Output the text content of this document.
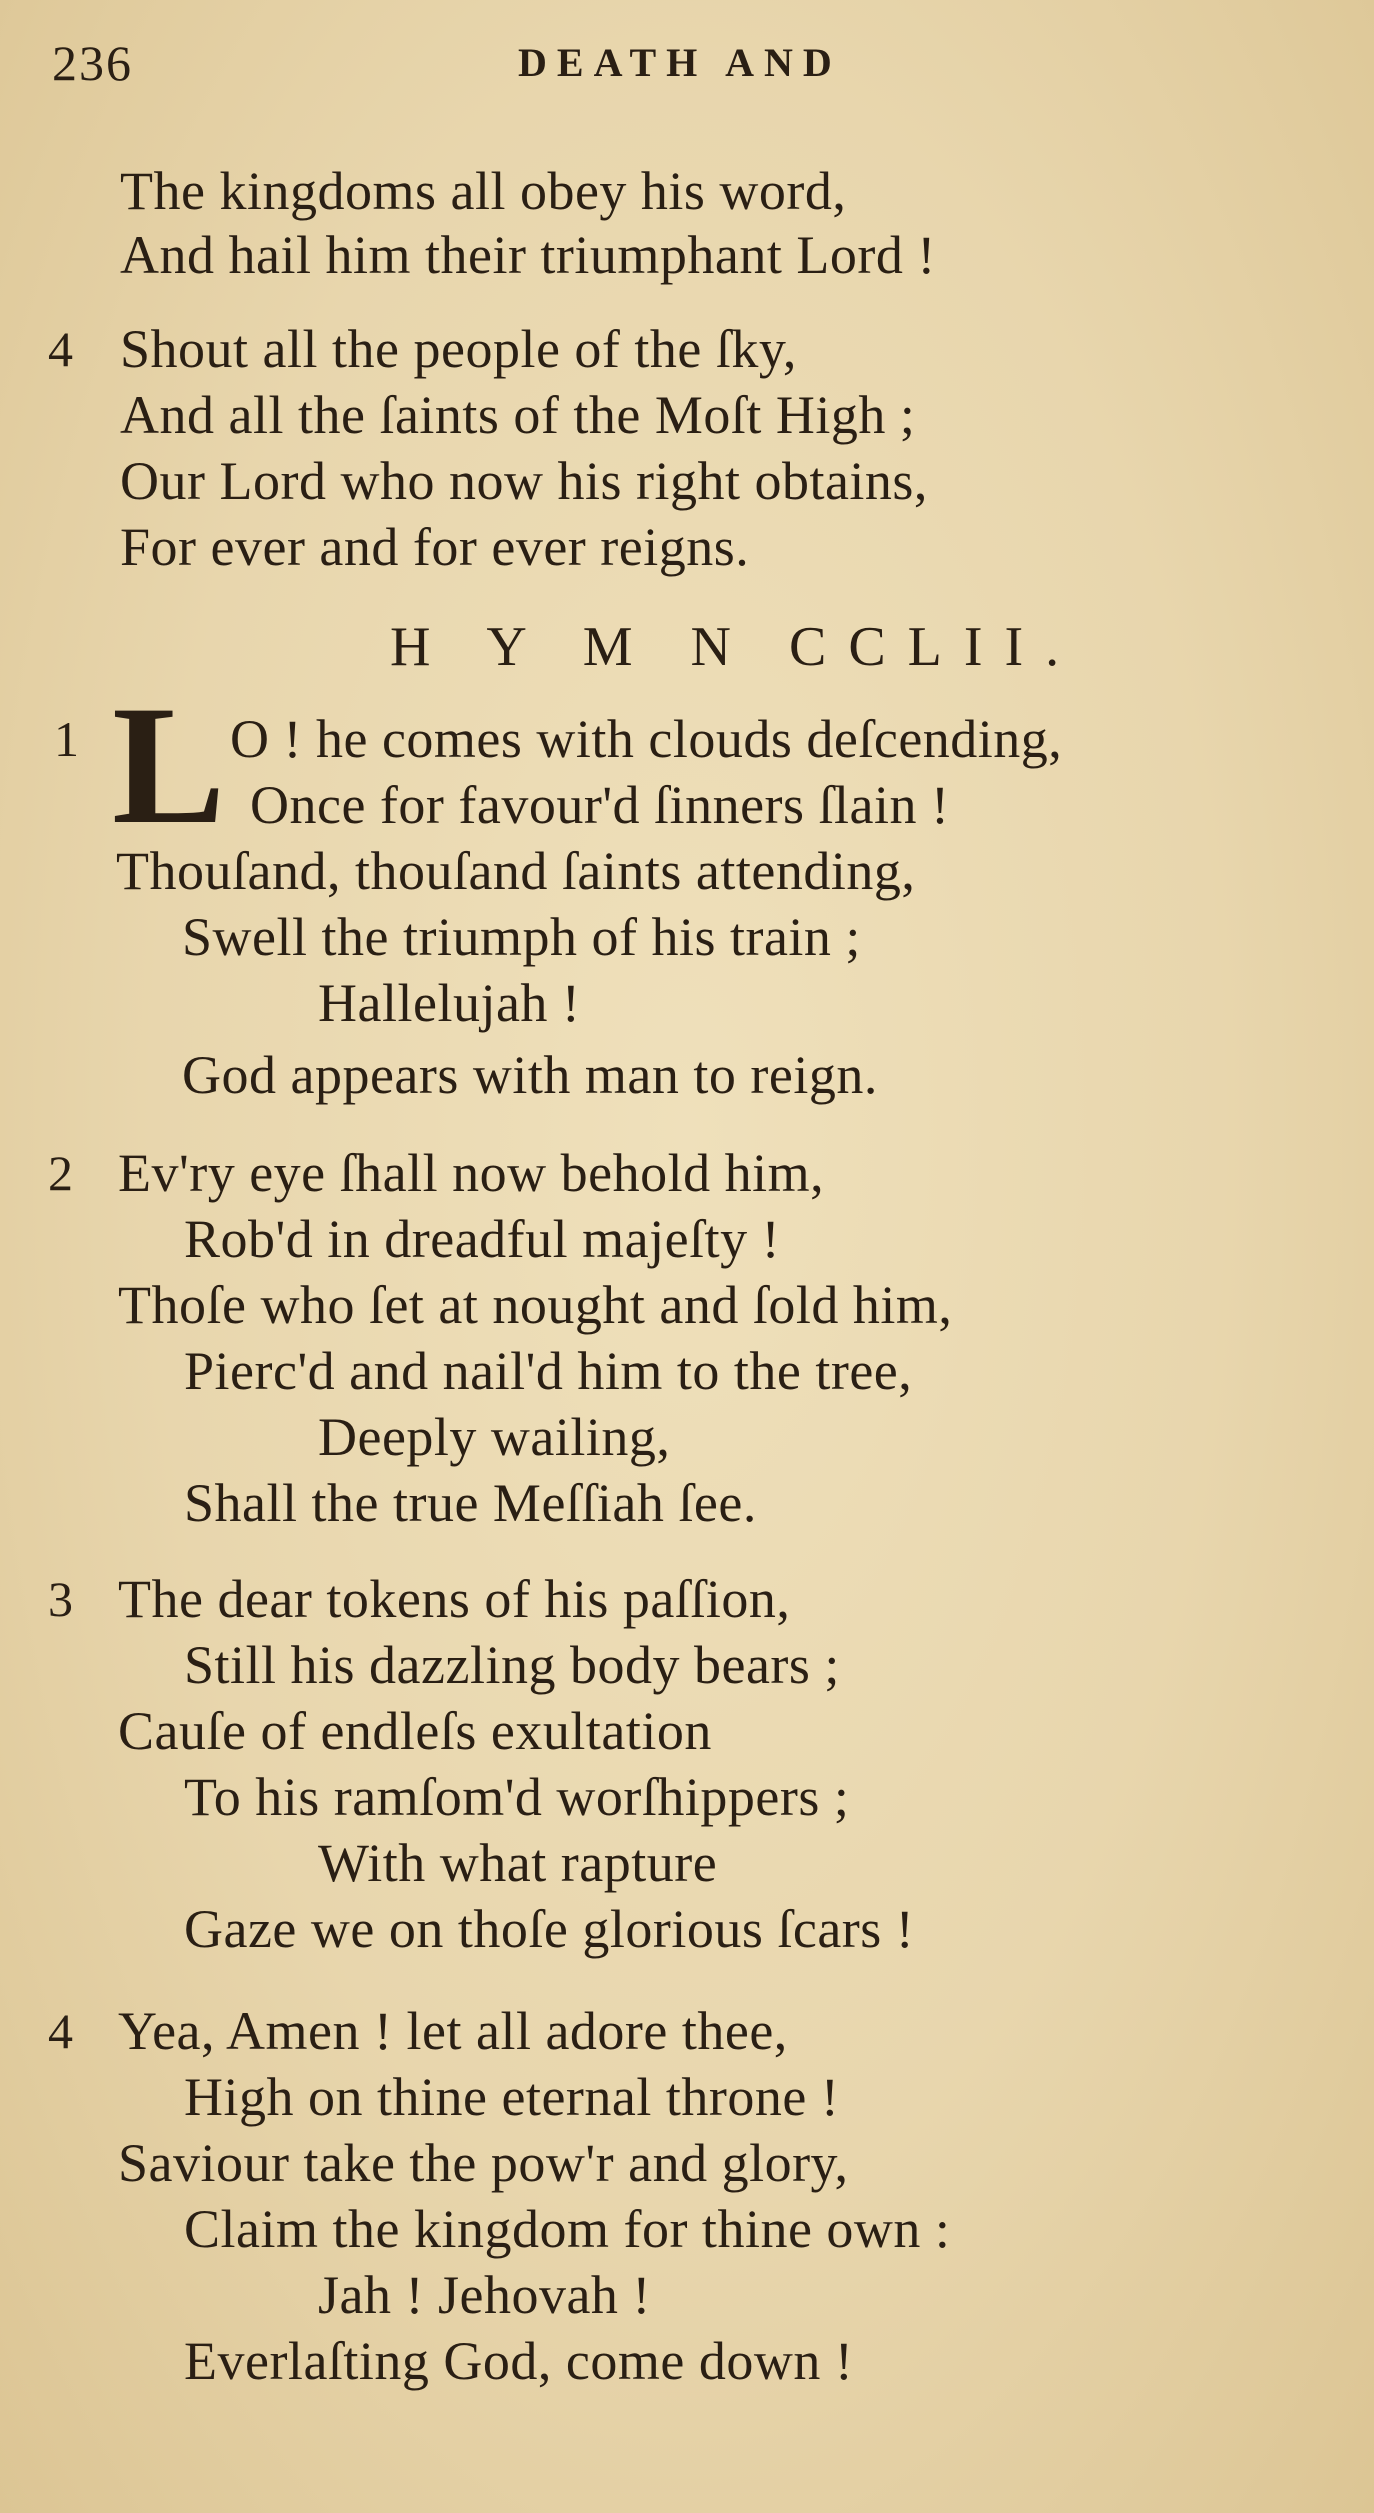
236	DEATH AND
The kingdoms all obey his word,
And hail him their triumphant Lord !
4 Shout all the people of the ſky,
And all the ſaints of the Moſt High ;
Our Lord who now his right obtains,
For ever and for ever reigns.
H Y M N CCLII.
1 L O ! he comes with clouds deſcending,
Once for favour'd ſinners ſlain !
Thouſand, thouſand ſaints attending,
Swell the triumph of his train ;
Hallelujah !
God appears with man to reign.
2 Ev'ry eye ſhall now behold him,
Rob'd in dreadful majeſty !
Thoſe who ſet at nought and ſold him,
Pierc'd and nail'd him to the tree,
Deeply wailing,
Shall the true Meſſiah ſee.
3 The dear tokens of his paſſion,
Still his dazzling body bears ;
Cauſe of endleſs exultation
To his ramſom'd worſhippers ;
With what rapture
Gaze we on thoſe glorious ſcars !
4 Yea, Amen ! let all adore thee,
High on thine eternal throne !
Saviour take the pow'r and glory,
Claim the kingdom for thine own :
Jah ! Jehovah !
Everlaſting God, come down !
